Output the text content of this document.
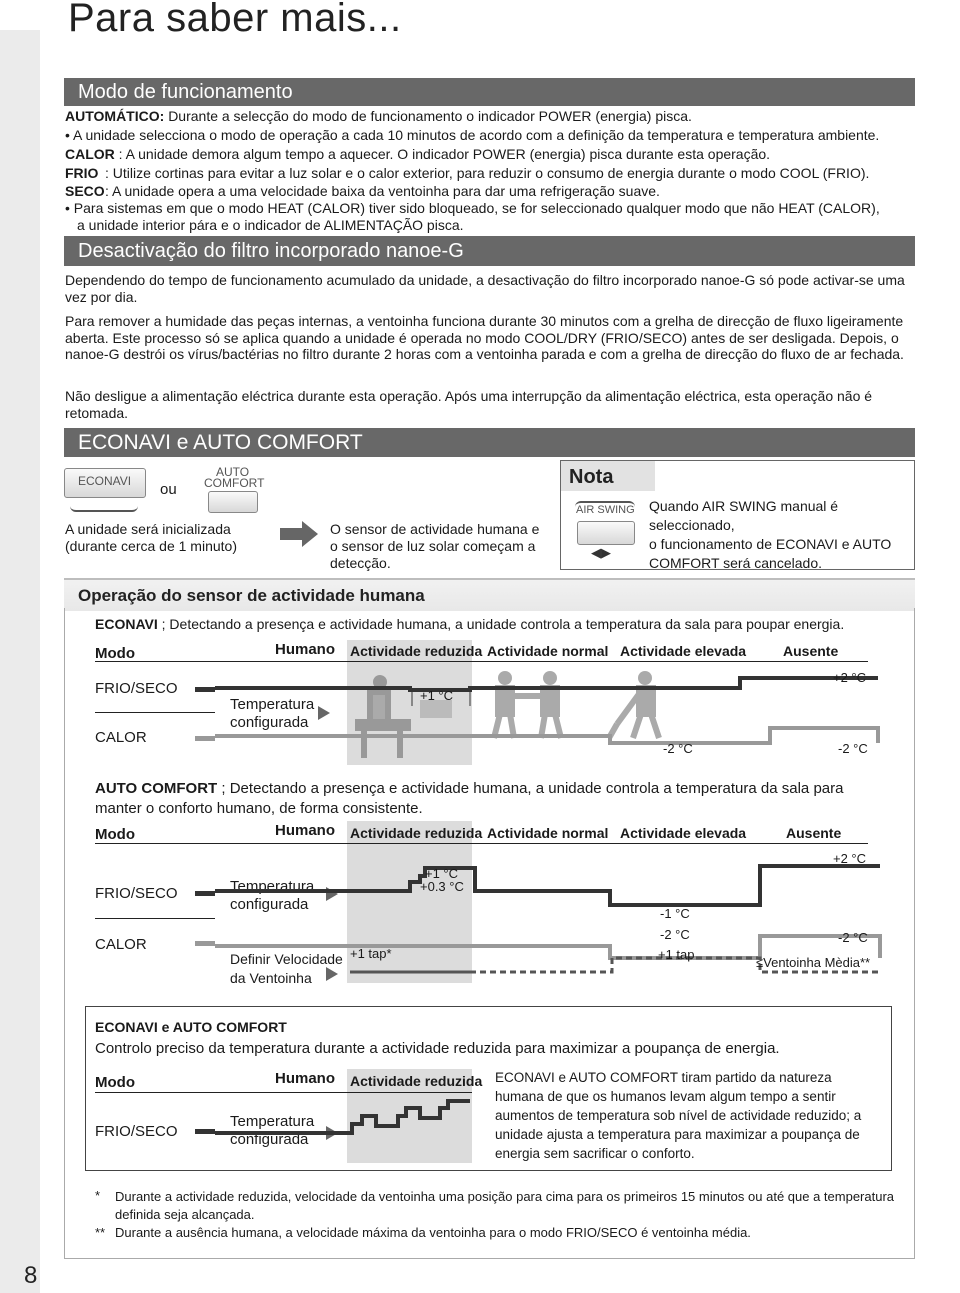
Para saber mais...
8
Modo de funcionamento
AUTOMÁTICO: Durante a selecção do modo de funcionamento o indicador POWER (energia) pisca.
• A unidade selecciona o modo de operação a cada 10 minutos de acordo com a definição da temperatura e temperatura ambiente.
CALOR : A unidade demora algum tempo a aquecer. O indicador POWER (energia) pisca durante esta operação.
FRIO : Utilize cortinas para evitar a luz solar e o calor exterior, para reduzir o consumo de energia durante o modo COOL (FRIO).
SECO: A unidade opera a uma velocidade baixa da ventoinha para dar uma refrigeração suave.
• Para sistemas em que o modo HEAT (CALOR) tiver sido bloqueado, se for seleccionado qualquer modo que não HEAT (CALOR),
a unidade interior pára e o indicador de ALIMENTAÇÃO pisca.
Desactivação do filtro incorporado nanoe-G
Dependendo do tempo de funcionamento acumulado da unidade, a desactivação do filtro incorporado nanoe-G só pode activar-se uma vez por dia.
Para remover a humidade das peças internas, a ventoinha funciona durante 30 minutos com a grelha de direcção de fluxo ligeiramente aberta. Este processo só se aplica quando a unidade é operada no modo COOL/DRY (FRIO/SECO) antes de ser desligada. Depois, o nanoe-G destrói os vírus/bactérias no filtro durante 2 horas com a ventoinha parada e com a grelha de direcção do fluxo de ar fechada.
Não desligue a alimentação eléctrica durante esta operação. Após uma interrupção da alimentação eléctrica, esta operação não é retomada.
ECONAVI e AUTO COMFORT
ECONAVI ou
AUTO
COMFORT
A unidade será inicializada
(durante cerca de 1 minuto)
O sensor de actividade humana e
o sensor de luz solar começam a
detecção.
Nota
AIR SWING
◀▶
Quando AIR SWING manual é seleccionado,
o funcionamento de ECONAVI e AUTO
COMFORT será cancelado.
Operação do sensor de actividade humana
ECONAVI ; Detectando a presença e actividade humana, a unidade controla a temperatura da sala para poupar energia.
Modo	Humano Actividade reduzida Actividade normal Actividade elevada	Ausente
FRIO/SECO
CALOR
Temperatura
configurada
+1 °C
+2 °C
-2 °C	-2 °C
AUTO COMFORT ; Detectando a presença e actividade humana, a unidade controla a temperatura da sala para
manter o conforto humano, de forma consistente.
Modo	Humano Actividade reduzida Actividade normal Actividade elevada	Ausente
FRIO/SECO
CALOR
Temperatura
configurada
Definir Velocidade
da Ventoinha
+1 °C
+0.3 °C
+2 °C
-1 °C
-2 °C	-2 °C
+1 tap*	+1 tap
≤Ventoinha Mèdia**
ECONAVI e AUTO COMFORT
Controlo preciso da temperatura durante a actividade reduzida para maximizar a poupança de energia.
Modo	Humano Actividade reduzida
FRIO/SECO
Temperatura
configurada
ECONAVI e AUTO COMFORT tiram partido da natureza
humana de que os humanos levam algum tempo a sentir
aumentos de temperatura sob nível de actividade reduzido; a
unidade ajusta a temperatura para maximizar a poupança de
energia sem sacrificar o conforto.
* Durante a actividade reduzida, velocidade da ventoinha uma posição para cima para os primeiros 15 minutos ou até que a temperatura
definida seja alcançada.
** Durante a ausência humana, a velocidade máxima da ventoinha para o modo FRIO/SECO é ventoinha média.
